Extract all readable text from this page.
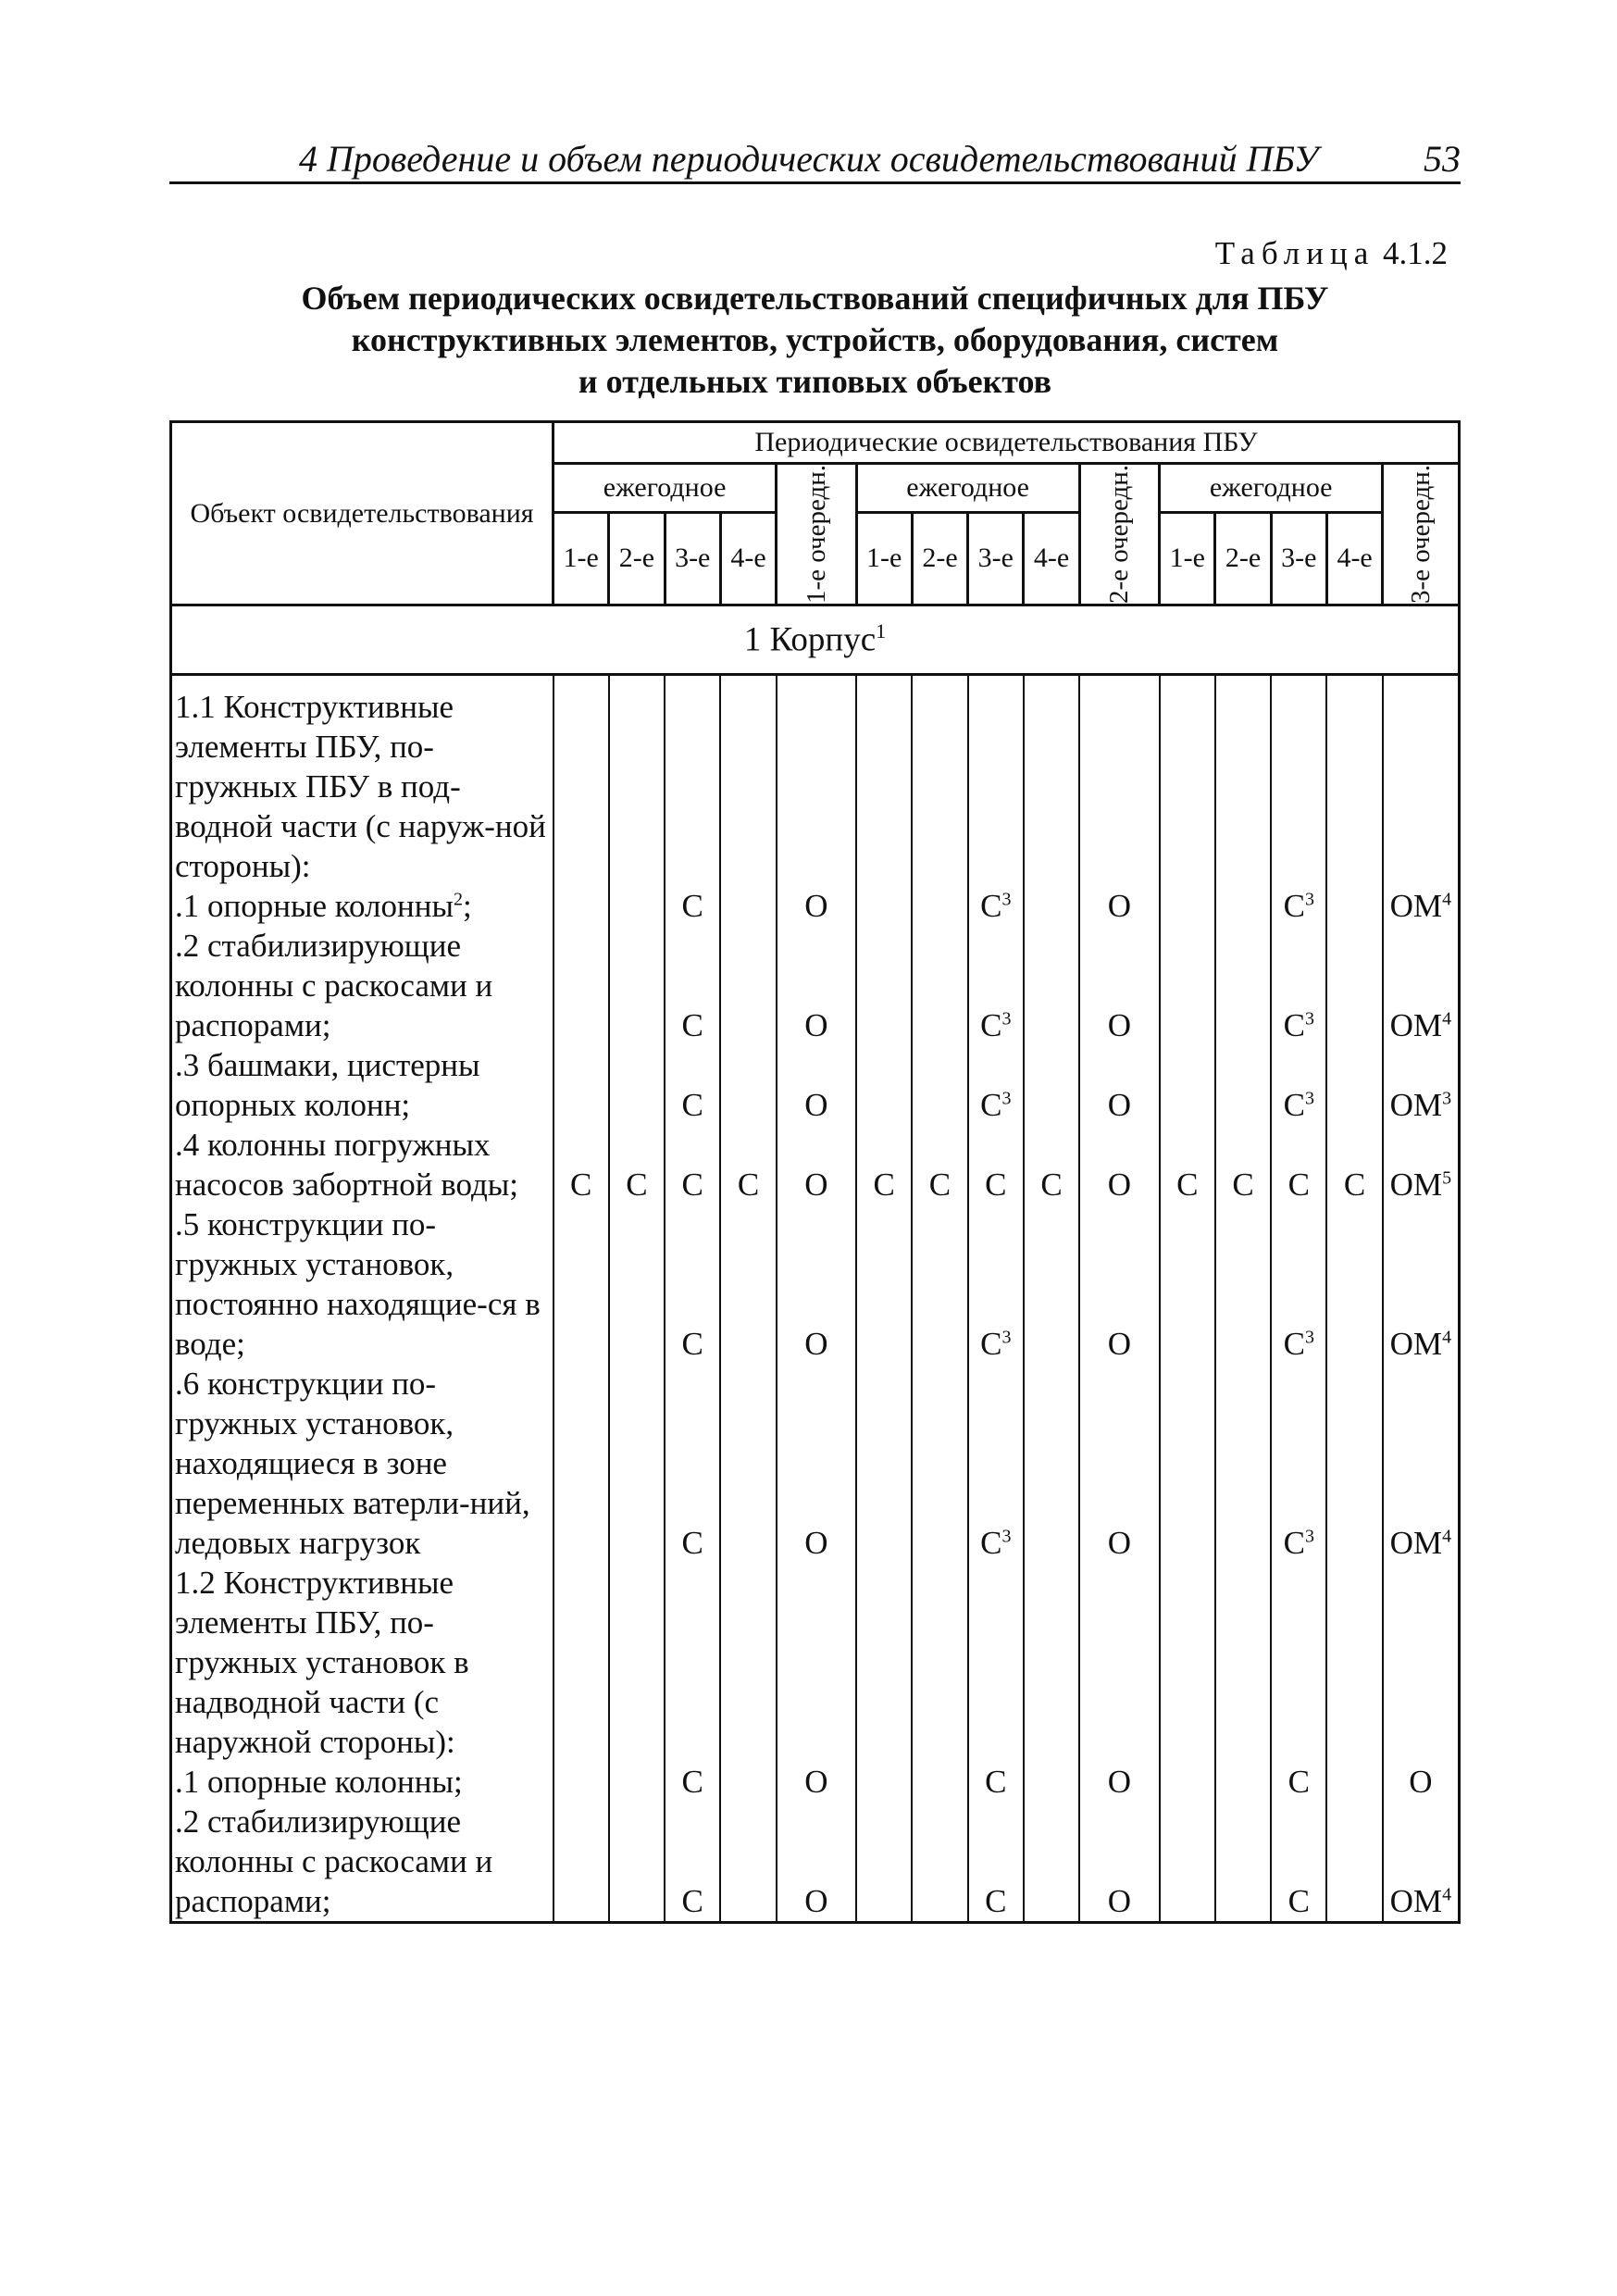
4 Проведение и объем периодических освидетельствований ПБУ	53
Таблица 4.1.2
Объем периодических освидетельствований специфичных для ПБУ
конструктивных элементов, устройств, оборудования, систем
и отдельных типовых объектов
Объект освидетельствования	Периодические освидетельствования ПБУ														
	ежегодное				1-е очередн.	ежегодное				2-е очередн.	ежегодное				3-е очередн.

	1-е	2-е	3-е	4-е		1-е	2-е	3-е	4-е		1-е	2-е	3-е	4-е	
1 Корпус$^1$

1.1 Конструктивные элементы ПБУ, по-гружных ПБУ в под-водной части (с наруж-ной стороны):															
.1 опорные колонны$^2$;			С		О			$С^3$		О			$С^3$		$ОМ^4$
.2 стабилизирующие колонны с раскосами и распорами;			С		О			$С^3$		О			$С^3$		$ОМ^4$
.3 башмаки, цистерны опорных колонн;			С		О			$С^3$		О			$С^3$		$ОМ^3$
.4 колонны погружных насосов забортной воды;	С	С	С	С	О	С	С	С	С	О	С	С	С	С	$ОМ^5$
.5 конструкции по-гружных установок, постоянно находящие-ся в воде;			С		О			$С^3$		О			$С^3$		$ОМ^4$
.6 конструкции по-гружных установок, находящиеся в зоне переменных ватерли-ний, ледовых нагрузок			С		О			$С^3$		О			$С^3$		$ОМ^4$
1.2 Конструктивные элементы ПБУ, по-гружных установок в надводной части (с наружной стороны):															
.1 опорные колонны;			С		О			С		О			С		О
.2 стабилизирующие колонны с раскосами и распорами;			С		О			С		О			С		$ОМ^4$
